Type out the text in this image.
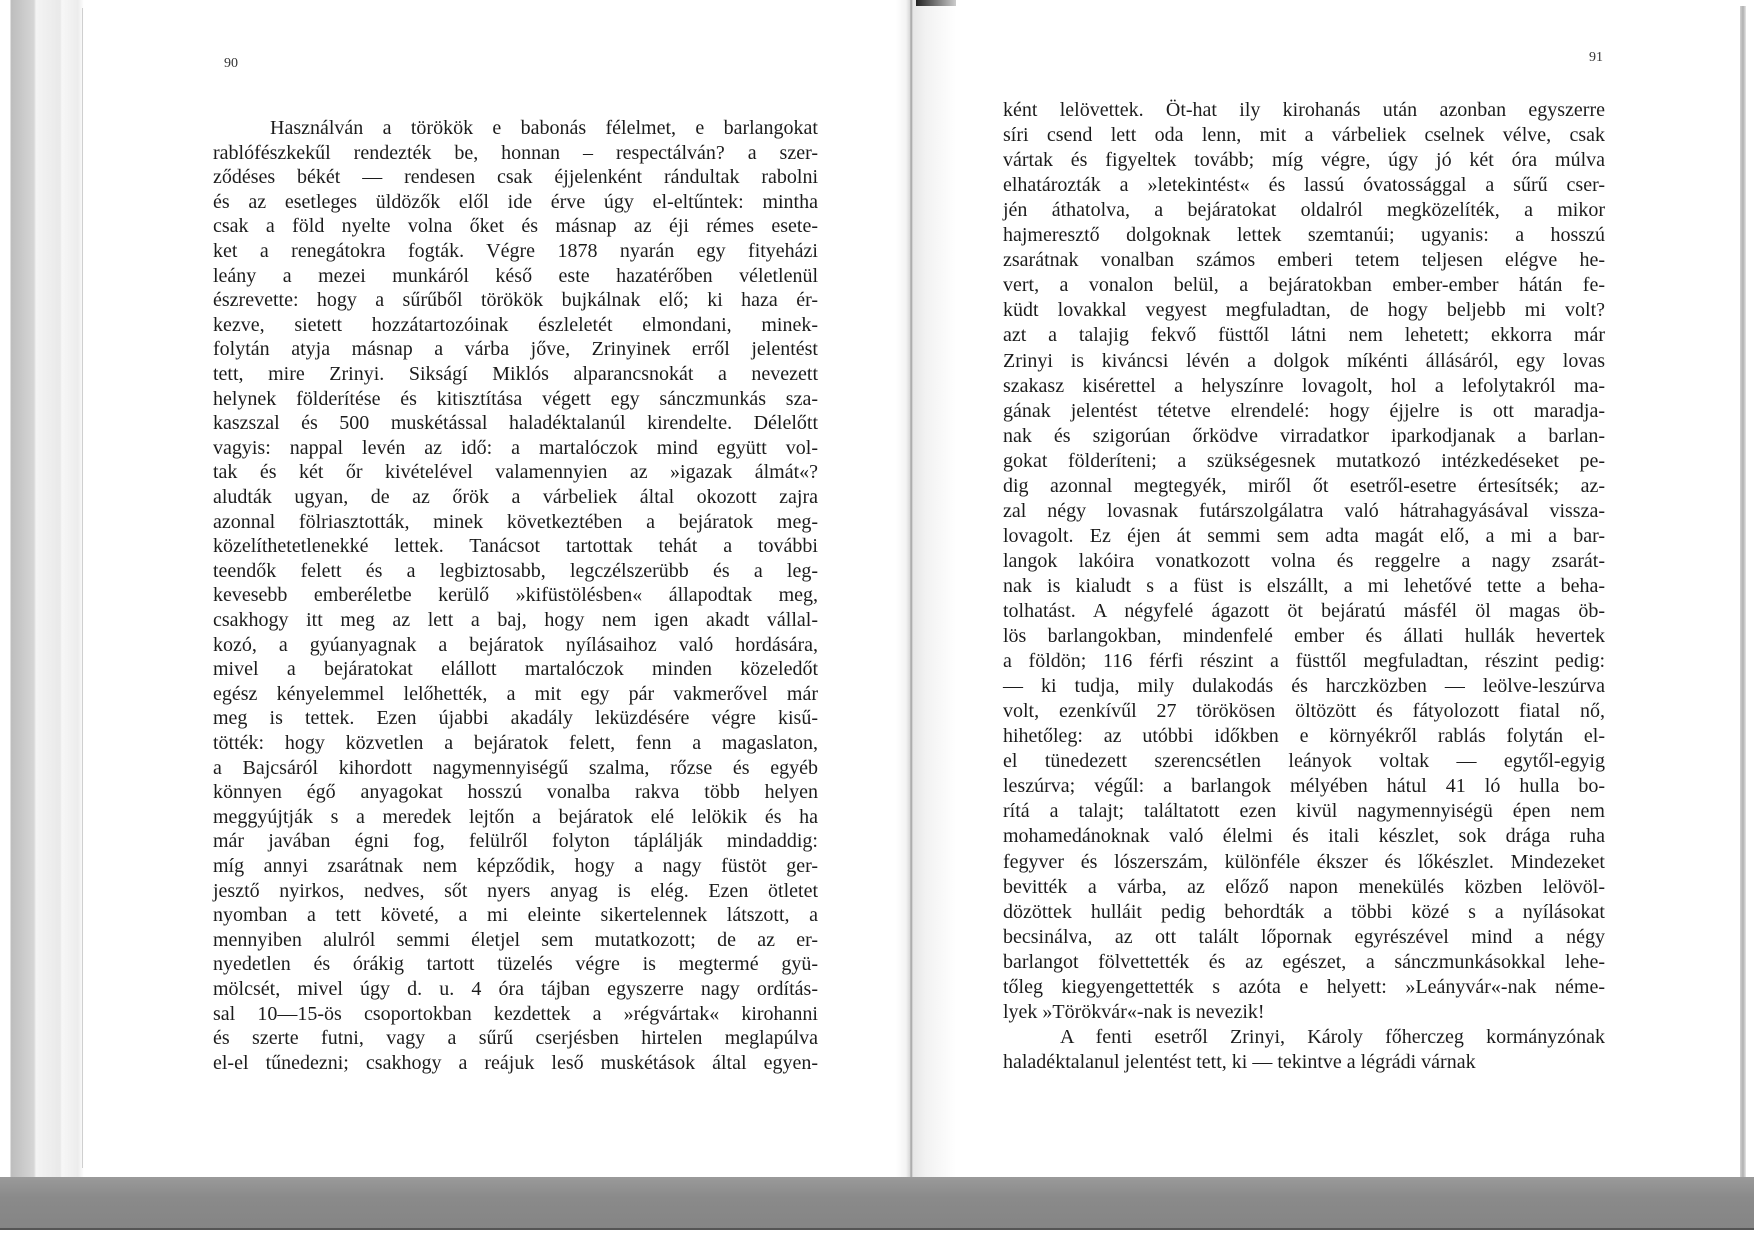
90
Használván a törökök e babonás félelmet, e barlangokat
rablófészkekűl rendezték be, honnan – respectálván? a szer-
ződéses békét — rendesen csak éjjelenként rándultak rabolni
és az esetleges üldözők elől ide érve úgy el-eltűntek: mintha
csak a föld nyelte volna őket és másnap az éji rémes esete-
ket a renegátokra fogták. Végre 1878 nyarán egy fityeházi
leány a mezei munkáról késő este hazatérőben véletlenül
észrevette: hogy a sűrűből törökök bujkálnak elő; ki haza ér-
kezve, sietett hozzátartozóinak észleletét elmondani, minek-
folytán atyja másnap a várba jőve, Zrinyinek erről jelentést
tett, mire Zrinyi. Sikságí Miklós alparancsnokát a nevezett
helynek földerítése és kitisztítása végett egy sánczmunkás sza-
kaszszal és 500 muskétással haladéktalanúl kirendelte. Délelőtt
vagyis: nappal levén az idő: a martalóczok mind együtt vol-
tak és két őr kivételével valamennyien az »igazak álmát«?
aludták ugyan, de az őrök a várbeliek által okozott zajra
azonnal fölriasztották, minek következtében a bejáratok meg-
közelíthetetlenekké lettek. Tanácsot tartottak tehát a további
teendők felett és a legbiztosabb, legczélszerübb és a leg-
kevesebb emberéletbe kerülő »kifüstölésben« állapodtak meg,
csakhogy itt meg az lett a baj, hogy nem igen akadt vállal-
kozó, a gyúanyagnak a bejáratok nyílásaihoz való hordására,
mivel a bejáratokat elállott martalóczok minden közeledőt
egész kényelemmel lelőhették, a mit egy pár vakmerővel már
meg is tettek. Ezen újabbi akadály leküzdésére végre kisű-
tötték: hogy közvetlen a bejáratok felett, fenn a magaslaton,
a Bajcsáról kihordott nagymennyiségű szalma, rőzse és egyéb
könnyen égő anyagokat hosszú vonalba rakva több helyen
meggyújtják s a meredek lejtőn a bejáratok elé lelökik és ha
már javában égni fog, felülről folyton táplálják mindaddig:
míg annyi zsarátnak nem képződik, hogy a nagy füstöt ger-
jesztő nyirkos, nedves, sőt nyers anyag is elég. Ezen ötletet
nyomban a tett követé, a mi eleinte sikertelennek látszott, a
mennyiben alulról semmi életjel sem mutatkozott; de az er-
nyedetlen és órákig tartott tüzelés végre is megtermé gyü-
mölcsét, mivel úgy d. u. 4 óra tájban egyszerre nagy ordítás-
sal 10—15-ös csoportokban kezdettek a »régvártak« kirohanni
és szerte futni, vagy a sűrű cserjésben hirtelen meglapúlva
el-el tűnedezni; csakhogy a reájuk leső muskétások által egyen-
91
ként lelövettek. Öt-hat ily kirohanás után azonban egyszerre
síri csend lett oda lenn, mit a várbeliek cselnek vélve, csak
vártak és figyeltek tovább; míg végre, úgy jó két óra múlva
elhatározták a »letekintést« és lassú óvatossággal a sűrű cser-
jén áthatolva, a bejáratokat oldalról megközelíték, a mikor
hajmeresztő dolgoknak lettek szemtanúi; ugyanis: a hosszú
zsarátnak vonalban számos emberi tetem teljesen elégve he-
vert, a vonalon belül, a bejáratokban ember-ember hátán fe-
küdt lovakkal vegyest megfuladtan, de hogy beljebb mi volt?
azt a talajig fekvő füsttől látni nem lehetett; ekkorra már
Zrinyi is kiváncsi lévén a dolgok míkénti állásáról, egy lovas
szakasz kisérettel a helyszínre lovagolt, hol a lefolytakról ma-
gának jelentést tétetve elrendelé: hogy éjjelre is ott maradja-
nak és szigorúan őrködve virradatkor iparkodjanak a barlan-
gokat földeríteni; a szükségesnek mutatkozó intézkedéseket pe-
dig azonnal megtegyék, miről őt esetről-esetre értesítsék; az-
zal négy lovasnak futárszolgálatra való hátrahagyásával vissza-
lovagolt. Ez éjen át semmi sem adta magát elő, a mi a bar-
langok lakóira vonatkozott volna és reggelre a nagy zsarát-
nak is kialudt s a füst is elszállt, a mi lehetővé tette a beha-
tolhatást. A négyfelé ágazott öt bejáratú másfél öl magas öb-
lös barlangokban, mindenfelé ember és állati hullák hevertek
a földön; 116 férfi részint a füsttől megfuladtan, részint pedig:
— ki tudja, mily dulakodás és harczközben — leölve-leszúrva
volt, ezenkívűl 27 törökösen öltözött és fátyolozott fiatal nő,
hihetőleg: az utóbbi időkben e környékről rablás folytán el-
el tünedezett szerencsétlen leányok voltak — egytől-egyig
leszúrva; végűl: a barlangok mélyében hátul 41 ló hulla bo-
rítá a talajt; találtatott ezen kivül nagymennyiségü épen nem
mohamedánoknak való élelmi és itali készlet, sok drága ruha
fegyver és lószerszám, különféle ékszer és lőkészlet. Mindezeket
bevitték a várba, az előző napon menekülés közben lelövöl-
dözöttek hulláit pedig behordták a többi közé s a nyílásokat
becsinálva, az ott talált lőpornak egyrészével mind a négy
barlangot fölvettették és az egészet, a sánczmunkásokkal lehe-
tőleg kiegyengettették s azóta e helyett: »Leányvár«-nak néme-
lyek »Törökvár«-nak is nevezik!
A fenti esetről Zrinyi, Károly főherczeg kormányzónak
haladéktalanul jelentést tett, ki — tekintve a légrádi várnak
